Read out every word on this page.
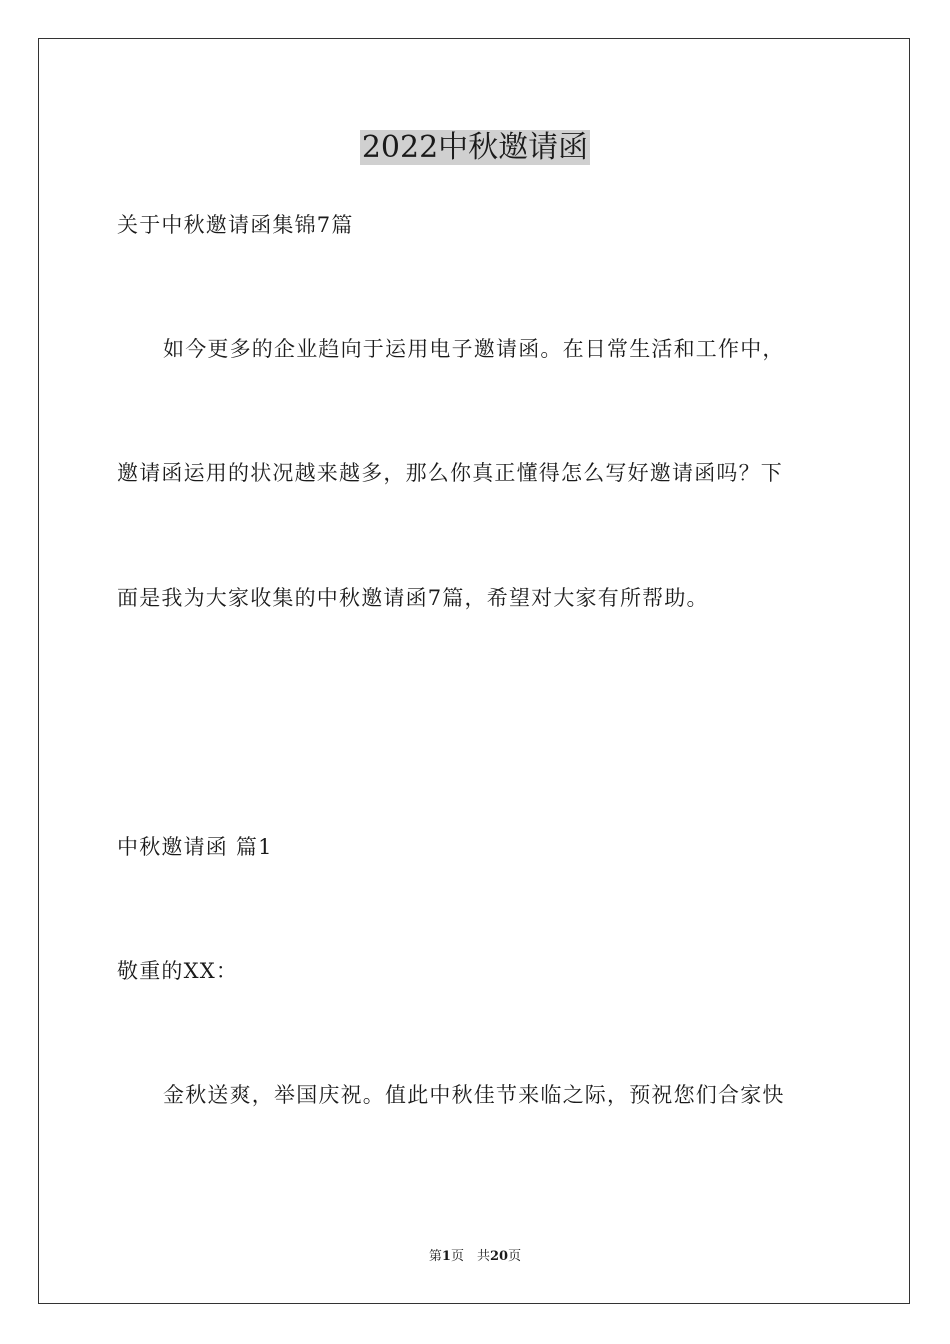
2022中秋邀请函
关于中秋邀请函集锦7篇
如今更多的企业趋向于运用电子邀请函。在日常生活和工作中，
邀请函运用的状况越来越多，那么你真正懂得怎么写好邀请函吗？下
面是我为大家收集的中秋邀请函7篇，希望对大家有所帮助。
中秋邀请函 篇1
敬重的XX：
金秋送爽，举国庆祝。值此中秋佳节来临之际，预祝您们合家快
第1页　共20页
